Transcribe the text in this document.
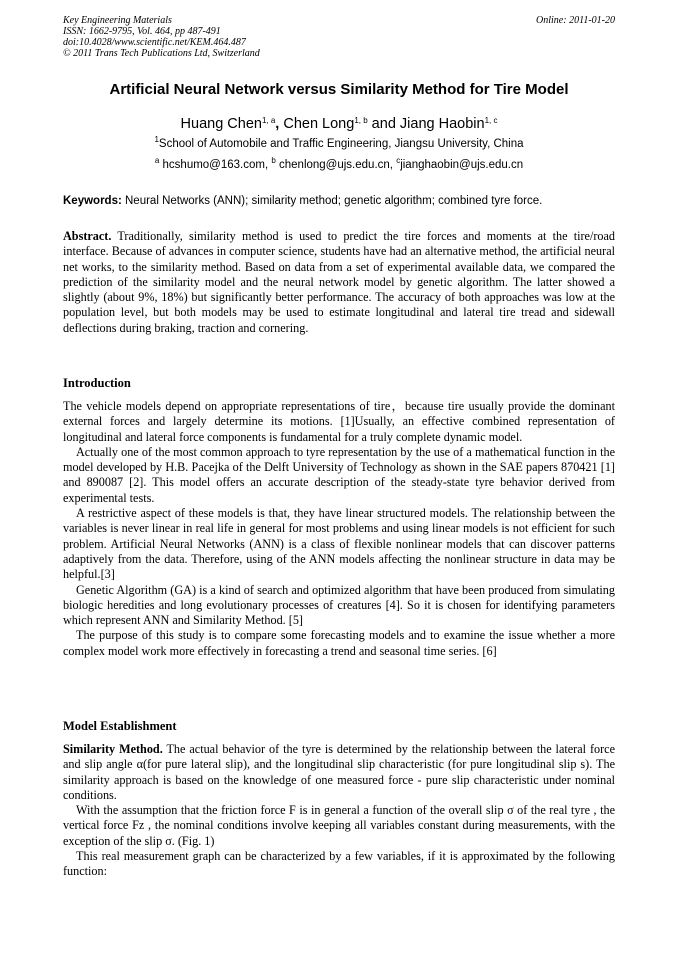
Key Engineering Materials
ISSN: 1662-9795, Vol. 464, pp 487-491
doi:10.4028/www.scientific.net/KEM.464.487
© 2011 Trans Tech Publications Ltd, Switzerland
Online: 2011-01-20
Artificial Neural Network versus Similarity Method for Tire Model
Huang Chen$^{1, a}$, Chen Long$^{1, b}$ and Jiang Haobin$^{1, c}$
$^1$School of Automobile and Traffic Engineering, Jiangsu University, China
$^a$ hcshumo@163.com, $^b$ chenlong@ujs.edu.cn, $^c$jianghaobin@ujs.edu.cn
Keywords: Neural Networks (ANN); similarity method; genetic algorithm; combined tyre force.

Abstract. Traditionally, similarity method is used to predict the tire forces and moments at the tire/road interface. Because of advances in computer science, students have had an alternative method, the artificial neural net works, to the similarity method. Based on data from a set of experimental available data, we compared the prediction of the similarity model and the neural network model by genetic algorithm. The latter showed a slightly (about 9%, 18%) but significantly better performance. The accuracy of both approaches was low at the population level, but both models may be used to estimate longitudinal and lateral tire tread and sidewall deflections during braking, traction and cornering.

Introduction

The vehicle models depend on appropriate representations of tire，because tire usually provide the dominant external forces and largely determine its motions. [1]Usually, an effective combined representation of longitudinal and lateral force components is fundamental for a truly complete dynamic model.

Actually one of the most common approach to tyre representation by the use of a mathematical function in the model developed by H.B. Pacejka of the Delft University of Technology as shown in the SAE papers 870421 [1] and 890087 [2]. This model offers an accurate description of the steady-state tyre behavior derived from experimental tests.

A restrictive aspect of these models is that, they have linear structured models. The relationship between the variables is never linear in real life in general for most problems and using linear models is not efficient for such problem. Artificial Neural Networks (ANN) is a class of flexible nonlinear models that can discover patterns adaptively from the data. Therefore, using of the ANN models affecting the nonlinear structure in data may be helpful.[3]

Genetic Algorithm (GA) is a kind of search and optimized algorithm that have been produced from simulating biologic heredities and long evolutionary processes of creatures [4]. So it is chosen for identifying parameters which represent ANN and Similarity Method. [5]

The purpose of this study is to compare some forecasting models and to examine the issue whether a more complex model work more effectively in forecasting a trend and seasonal time series. [6]

Model Establishment

Similarity Method. The actual behavior of the tyre is determined by the relationship between the lateral force and slip angle α(for pure lateral slip), and the longitudinal slip characteristic (for pure longitudinal slip s). The similarity approach is based on the knowledge of one measured force - pure slip characteristic under nominal conditions.

With the assumption that the friction force F is in general a function of the overall slip σ of the real tyre , the vertical force Fz , the nominal conditions involve keeping all variables constant during measurements, with the exception of the slip σ. (Fig. 1)

This real measurement graph can be characterized by a few variables, if it is approximated by the following function:
